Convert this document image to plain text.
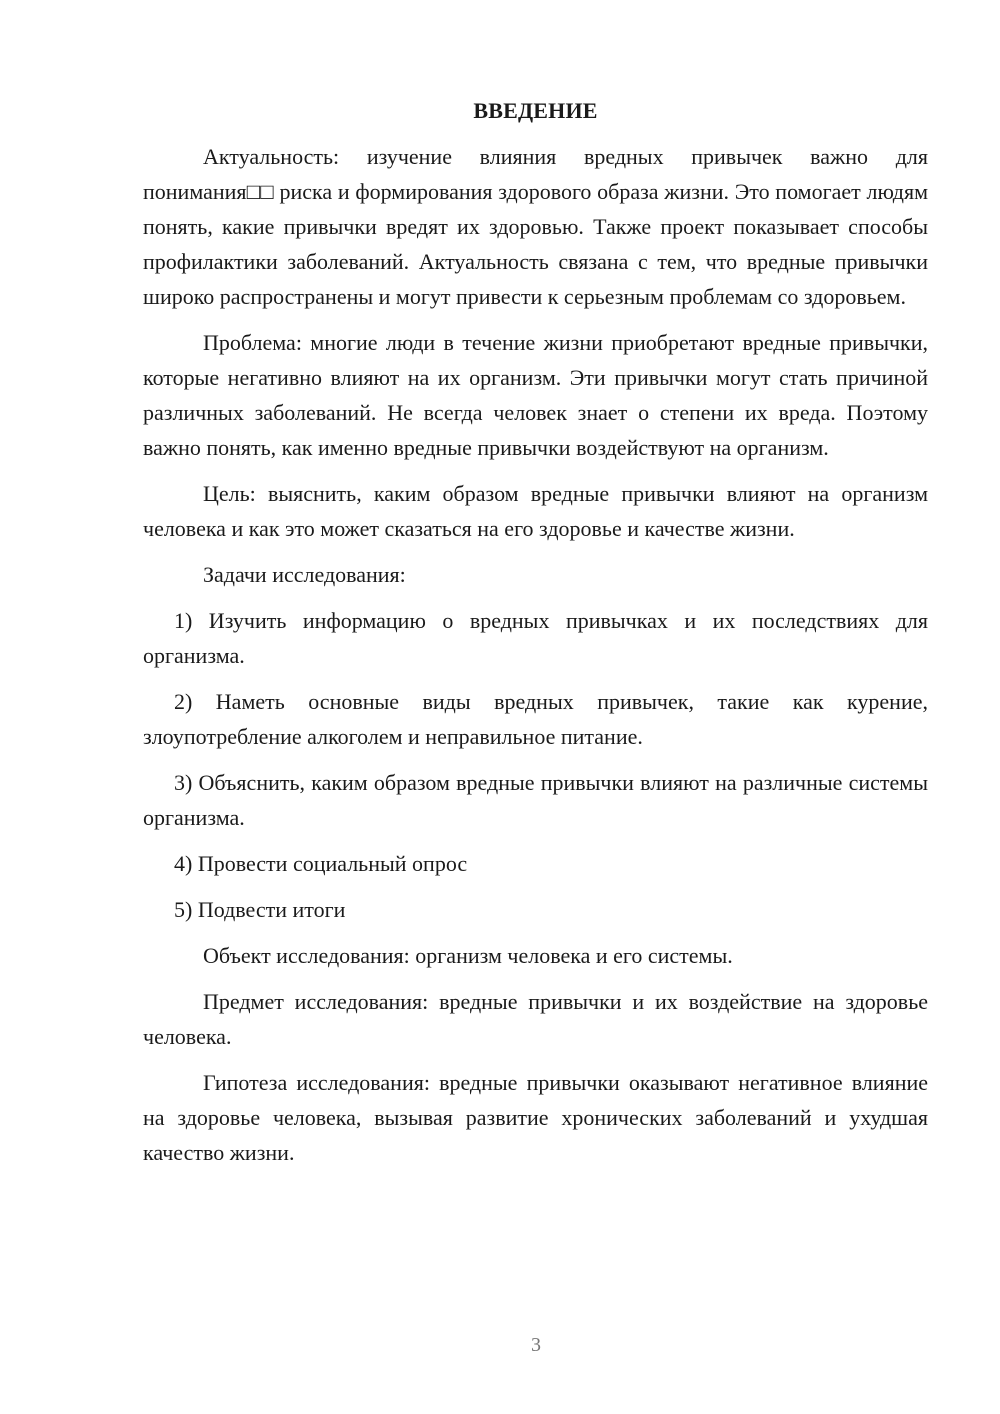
ВВЕДЕНИЕ

Актуальность: изучение влияния вредных привычек важно для понимания□□ риска и формирования здорового образа жизни. Это помогает людям понять, какие привычки вредят их здоровью. Также проект показывает способы профилактики заболеваний. Актуальность связана с тем, что вредные привычки широко распространены и могут привести к серьезным проблемам со здоровьем.

Проблема: многие люди в течение жизни приобретают вредные привычки, которые негативно влияют на их организм. Эти привычки могут стать причиной различных заболеваний. Не всегда человек знает о степени их вреда. Поэтому важно понять, как именно вредные привычки воздействуют на организм.

Цель: выяснить, каким образом вредные привычки влияют на организм человека и как это может сказаться на его здоровье и качестве жизни.

Задачи исследования:

1) Изучить информацию о вредных привычках и их последствиях для организма.

2) Наметь основные виды вредных привычек, такие как курение, злоупотребление алкоголем и неправильное питание.

3) Объяснить, каким образом вредные привычки влияют на различные системы организма.

4) Провести социальный опрос

5) Подвести итоги

Объект исследования: организм человека и его системы.

Предмет исследования: вредные привычки и их воздействие на здоровье человека.

Гипотеза исследования: вредные привычки оказывают негативное влияние на здоровье человека, вызывая развитие хронических заболеваний и ухудшая качество жизни.

3
